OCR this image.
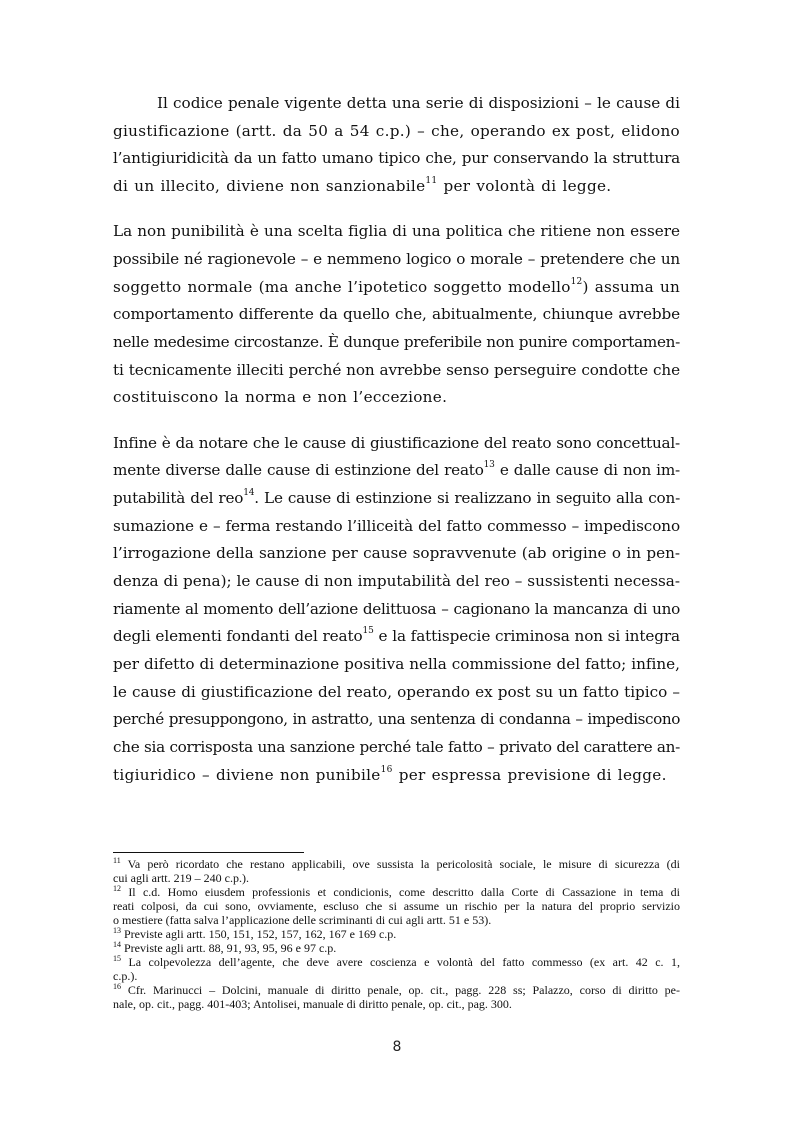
Il codice penale vigente detta una serie di disposizioni – le cause di
giustificazione (artt. da 50 a 54 c.p.) – che, operando ex post, elidono
l’antigiuridicità da un fatto umano tipico che, pur conservando la struttura
di un illecito, diviene non sanzionabile$^{11}$ per volontà di legge.
La non punibilità è una scelta figlia di una politica che ritiene non essere
possibile né ragionevole – e nemmeno logico o morale – pretendere che un
soggetto normale (ma anche l’ipotetico soggetto modello$^{12}$) assuma un
comportamento differente da quello che, abitualmente, chiunque avrebbe
nelle medesime circostanze. È dunque preferibile non punire comportamen-
ti tecnicamente illeciti perché non avrebbe senso perseguire condotte che
costituiscono la norma e non l’eccezione.
Infine è da notare che le cause di giustificazione del reato sono concettual-
mente diverse dalle cause di estinzione del reato$^{13}$ e dalle cause di non im-
putabilità del reo$^{14}$. Le cause di estinzione si realizzano in seguito alla con-
sumazione e – ferma restando l’illiceità del fatto commesso – impediscono
l’irrogazione della sanzione per cause sopravvenute (ab origine o in pen-
denza di pena); le cause di non imputabilità del reo – sussistenti necessa-
riamente al momento dell’azione delittuosa – cagionano la mancanza di uno
degli elementi fondanti del reato$^{15}$ e la fattispecie criminosa non si integra
per difetto di determinazione positiva nella commissione del fatto; infine,
le cause di giustificazione del reato, operando ex post su un fatto tipico –
perché presuppongono, in astratto, una sentenza di condanna – impediscono
che sia corrisposta una sanzione perché tale fatto – privato del carattere an-
tigiuridico – diviene non punibile$^{16}$ per espressa previsione di legge.
$^{11}$ Va però ricordato che restano applicabili, ove sussista la pericolosità sociale, le misure di sicurezza (di
cui agli artt. 219 – 240 c.p.).
$^{12}$ Il c.d. Homo eiusdem professionis et condicionis, come descritto dalla Corte di Cassazione in tema di
reati colposi, da cui sono, ovviamente, escluso che si assume un rischio per la natura del proprio servizio
o mestiere (fatta salva l’applicazione delle scriminanti di cui agli artt. 51 e 53).
$^{13}$ Previste agli artt. 150, 151, 152, 157, 162, 167 e 169 c.p.
$^{14}$ Previste agli artt. 88, 91, 93, 95, 96 e 97 c.p.
$^{15}$ La colpevolezza dell’agente, che deve avere coscienza e volontà del fatto commesso (ex art. 42 c. 1,
c.p.).
$^{16}$ Cfr. Marinucci – Dolcini, manuale di diritto penale, op. cit., pagg. 228 ss; Palazzo, corso di diritto pe-
nale, op. cit., pagg. 401-403; Antolisei, manuale di diritto penale, op. cit., pag. 300.
8
